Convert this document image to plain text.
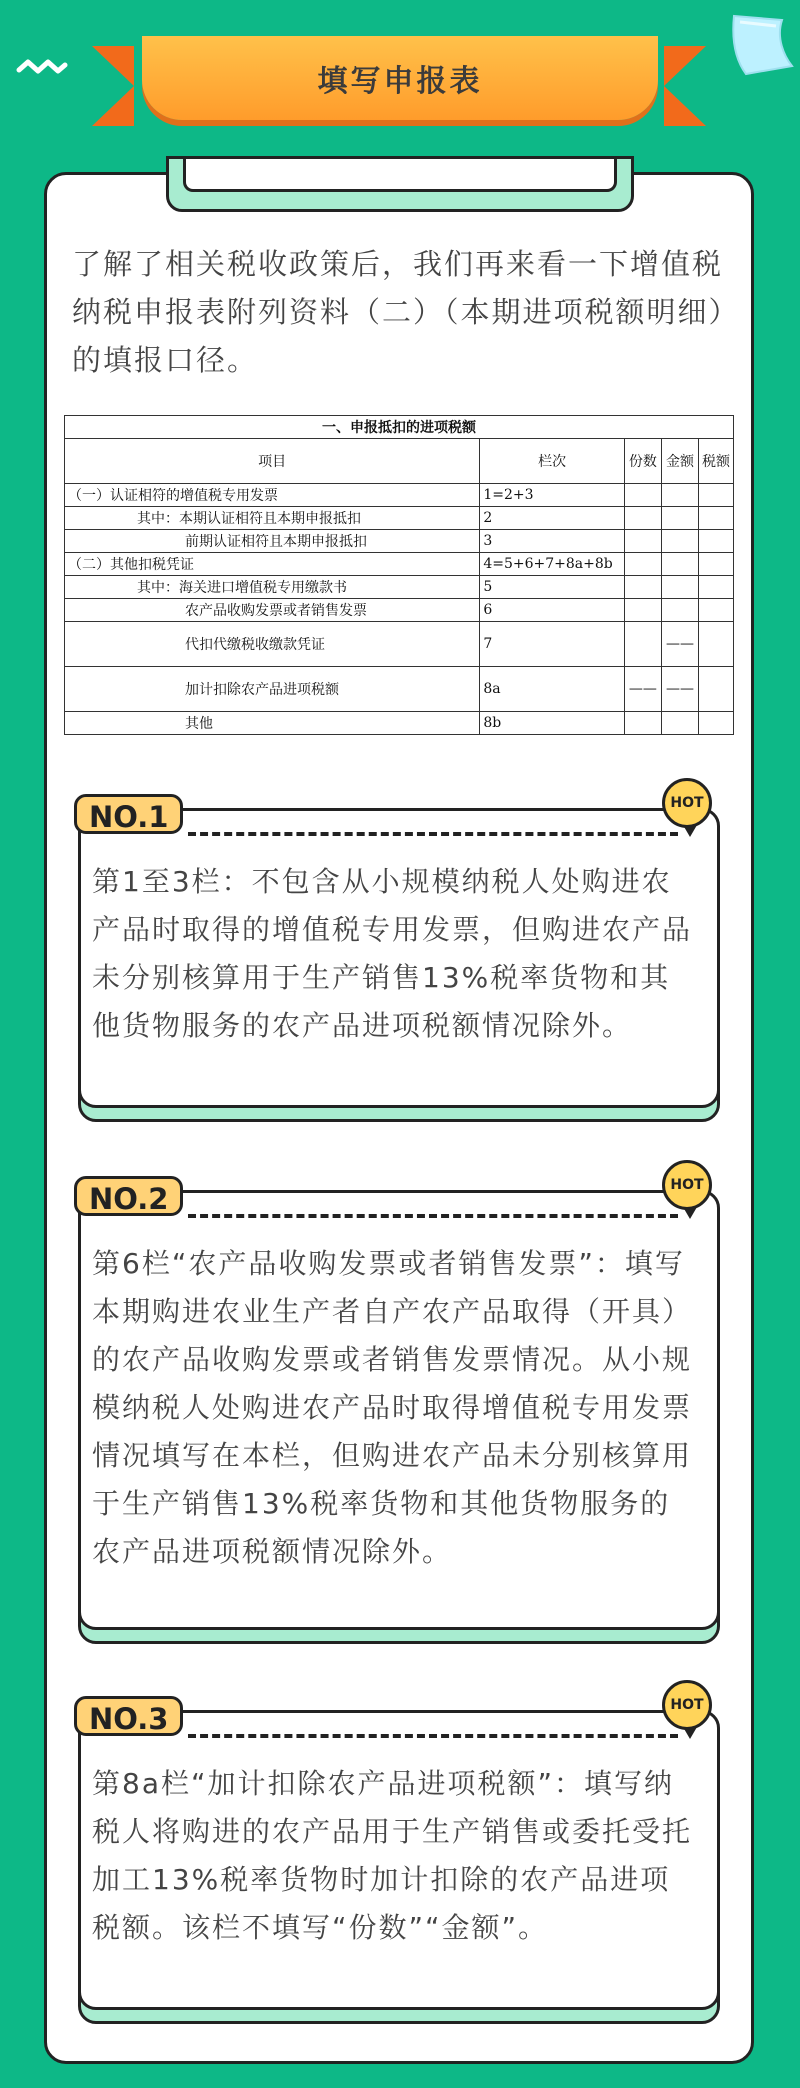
填写申报表
了解了相关税收政策后，我们再来看一下增值税纳税申报表附列资料（二）（本期进项税额明细）的填报口径。
一、申报抵扣的进项税额				
项目	栏次	份数	金额	税额
（一）认证相符的增值税专用发票	1=2+3			
其中：本期认证相符且本期申报抵扣	2			
前期认证相符且本期申报抵扣	3			
（二）其他扣税凭证	4=5+6+7+8a+8b			
其中：海关进口增值税专用缴款书	5			
农产品收购发票或者销售发票	6			
代扣代缴税收缴款凭证	7		——	
加计扣除农产品进项税额	8a	——	——	
其他	8b			
NO.1	HOT
第1至3栏：不包含从小规模纳税人处购进农产品时取得的增值税专用发票，但购进农产品未分别核算用于生产销售13%税率货物和其他货物服务的农产品进项税额情况除外。
NO.2	HOT
第6栏“农产品收购发票或者销售发票”：填写本期购进农业生产者自产农产品取得（开具）的农产品收购发票或者销售发票情况。从小规模纳税人处购进农产品时取得增值税专用发票情况填写在本栏，但购进农产品未分别核算用于生产销售13%税率货物和其他货物服务的农产品进项税额情况除外。
NO.3	HOT
第8a栏“加计扣除农产品进项税额”：填写纳税人将购进的农产品用于生产销售或委托受托加工13%税率货物时加计扣除的农产品进项税额。该栏不填写“份数”“金额”。
